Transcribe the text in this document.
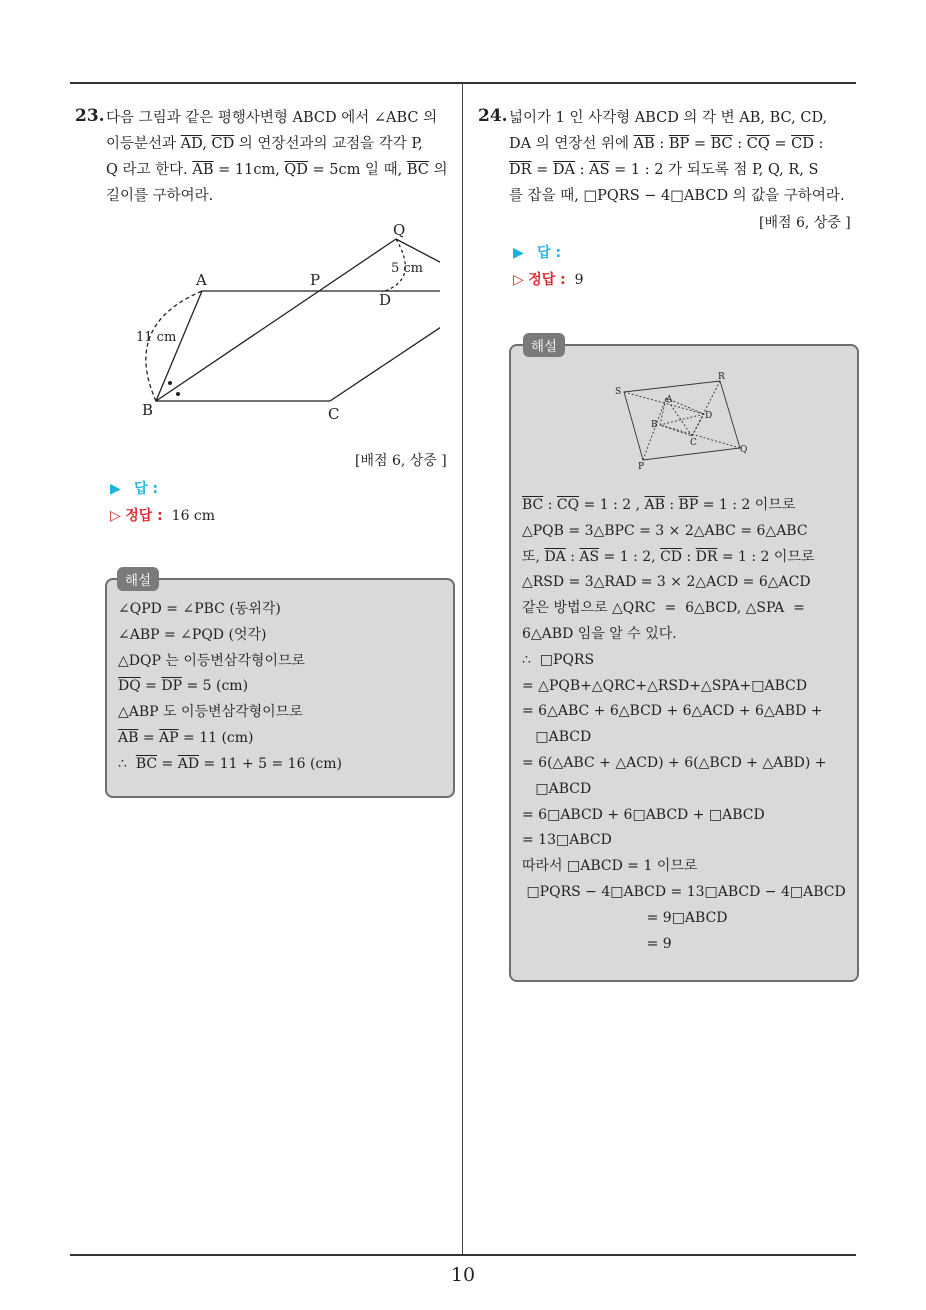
23. 다음 그림과 같은 평행사변형 ABCD 에서 ∠ABC 의
이등분선과 $\overline{AD}$, $\overline{CD}$ 의 연장선과의 교점을 각각 P,
Q 라고 한다. $\overline{AB} = 11cm$, $\overline{QD} = 5cm$ 일 때, $\overline{BC}$ 의
길이를 구하여라.
A	P
Q
D
B	C
11 cm
5 cm
[배점 6, 상중 ]
▶ 답 :
▷ 정답 : 16 cm
해설
∠QPD = ∠PBC (동위각)
∠ABP = ∠PQD (엇각)
△DQP 는 이등변삼각형이므로
$\overline{DQ} = \overline{DP} = 5$ (cm)
△ABP 도 이등변삼각형이므로
$\overline{AB} = \overline{AP} = 11$ (cm)
∴  $\overline{BC} = \overline{AD} = 11 + 5 = 16$ (cm)
24. 넓이가 1 인 사각형 ABCD 의 각 변 AB, BC, CD,
DA 의 연장선 위에 $\overline{AB}$ : $\overline{BP} = \overline{BC}$ : $\overline{CQ} = \overline{CD}$ :
$\overline{DR} = \overline{DA}$ : $\overline{AS} = 1$ : 2 가 되도록 점 P, Q, R, S
를 잡을 때, □PQRS − 4□ABCD 의 값을 구하여라.
[배점 6, 상중 ]
▶ 답 :
▷ 정답 : 9
해설
S
R
A
D
B
C
P
Q
$\overline{BC}$ : $\overline{CQ} = 1$ : 2 , $\overline{AB}$ : $\overline{BP} = 1$ : 2 이므로
△PQB = 3△BPC = 3 × 2△ABC = 6△ABC
또, $\overline{DA}$ : $\overline{AS} = 1$ : 2, $\overline{CD}$ : $\overline{DR} = 1$ : 2 이므로
△RSD = 3△RAD = 3 × 2△ACD = 6△ACD
같은 방법으로 △QRC  =  6△BCD, △SPA  =
6△ABD 임을 알 수 있다.
∴  □PQRS
= △PQB+△QRC+△RSD+△SPA+□ABCD
= 6△ABC + 6△BCD + 6△ACD + 6△ABD +
□ABCD
= 6(△ABC + △ACD) + 6(△BCD + △ABD) +
□ABCD
= 6□ABCD + 6□ABCD + □ABCD
= 13□ABCD
따라서 □ABCD = 1 이므로
□PQRS − 4□ABCD = 13□ABCD − 4□ABCD
= 9□ABCD
= 9
10
